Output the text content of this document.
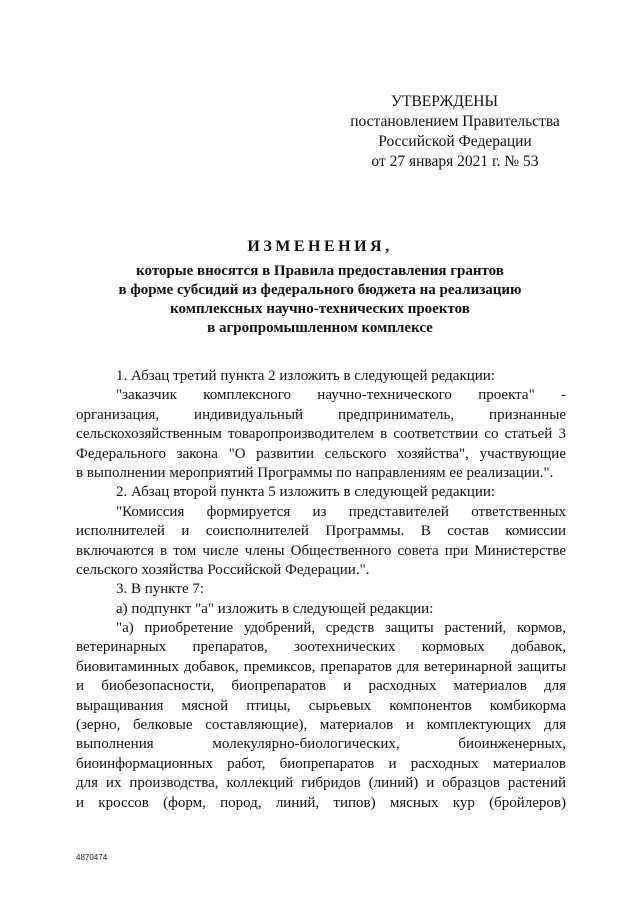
УТВЕРЖДЕНЫ
постановлением Правительства
Российской Федерации
от 27 января 2021 г. № 53
ИЗМЕНЕНИЯ,
которые вносятся в Правила предоставления грантов
в форме субсидий из федерального бюджета на реализацию
комплексных научно-технических проектов
в агропромышленном комплексе
1. Абзац третий пункта 2 изложить в следующей редакции:
"заказчик комплексного научно-технического проекта" -
организация, индивидуальный предприниматель, признанные
сельскохозяйственным товаропроизводителем в соответствии со статьей 3
Федерального закона "О развитии сельского хозяйства", участвующие
в выполнении мероприятий Программы по направлениям ее реализации.".
2. Абзац второй пункта 5 изложить в следующей редакции:
"Комиссия формируется из представителей ответственных
исполнителей и соисполнителей Программы. В состав комиссии
включаются в том числе члены Общественного совета при Министерстве
сельского хозяйства Российской Федерации.".
3. В пункте 7:
а) подпункт "а" изложить в следующей редакции:
"а) приобретение удобрений, средств защиты растений, кормов,
ветеринарных препаратов, зоотехнических кормовых добавок,
биовитаминных добавок, премиксов, препаратов для ветеринарной защиты
и биобезопасности, биопрепаратов и расходных материалов для
выращивания мясной птицы, сырьевых компонентов комбикорма
(зерно, белковые составляющие), материалов и комплектующих для
выполнения молекулярно-биологических, биоинженерных,
биоинформационных работ, биопрепаратов и расходных материалов
для их производства, коллекций гибридов (линий) и образцов растений
и кроссов (форм, пород, линий, типов) мясных кур (бройлеров)
4870474
